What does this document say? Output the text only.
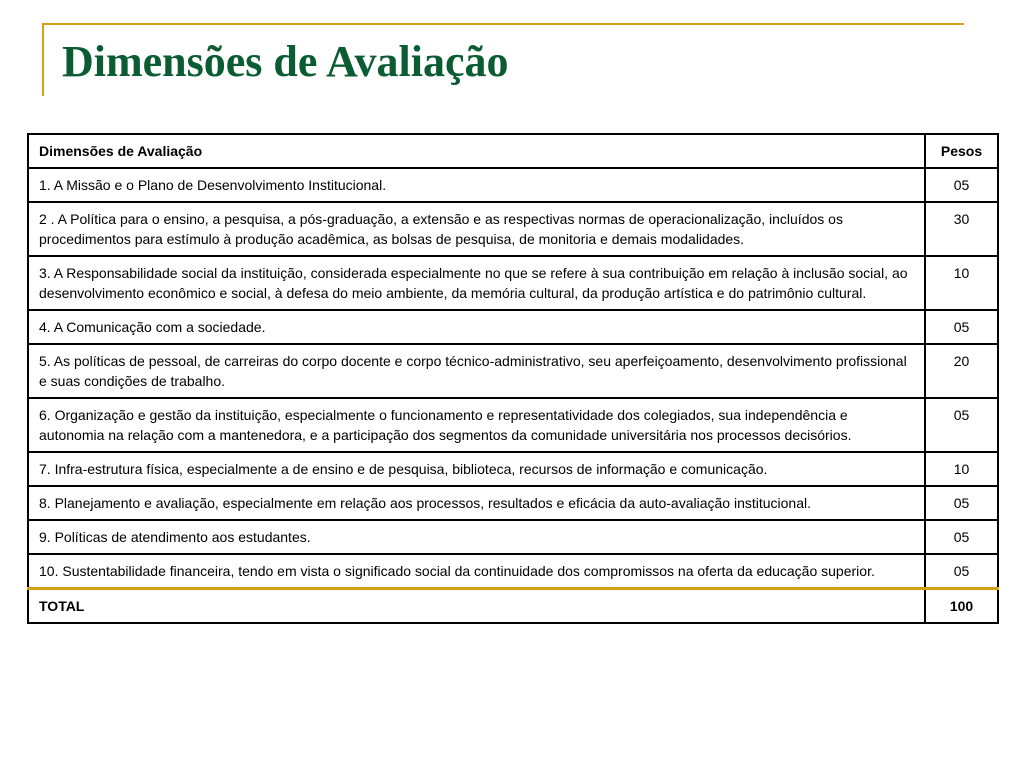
Dimensões de Avaliação
Dimensões de Avaliação	Pesos
1. A Missão e o Plano de Desenvolvimento Institucional.	05
2 . A Política para o ensino, a pesquisa, a pós-graduação, a extensão e as respectivas normas de operacionalização, incluídos os procedimentos para estímulo à produção acadêmica, as bolsas de pesquisa, de monitoria e demais modalidades.	30
3. A Responsabilidade social da instituição, considerada especialmente no que se refere à sua contribuição em relação à inclusão social, ao desenvolvimento econômico e social, à defesa do meio ambiente, da memória cultural, da produção artística e do patrimônio cultural.	10
4. A Comunicação com a sociedade.	05
5. As políticas de pessoal, de carreiras do corpo docente e corpo técnico-administrativo, seu aperfeiçoamento, desenvolvimento profissional e suas condições de trabalho.	20
6. Organização e gestão da instituição, especialmente o funcionamento e representatividade dos colegiados, sua independência e autonomia na relação com a mantenedora, e a participação dos segmentos da comunidade universitária nos processos decisórios.	05
7. Infra-estrutura física, especialmente a de ensino e de pesquisa, biblioteca, recursos de informação e comunicação.	10
8. Planejamento e avaliação, especialmente em relação aos processos, resultados e eficácia da auto-avaliação institucional.	05
9. Políticas de atendimento aos estudantes.	05
10. Sustentabilidade financeira, tendo em vista o significado social da continuidade dos compromissos na oferta da educação superior.	05
TOTAL	100
